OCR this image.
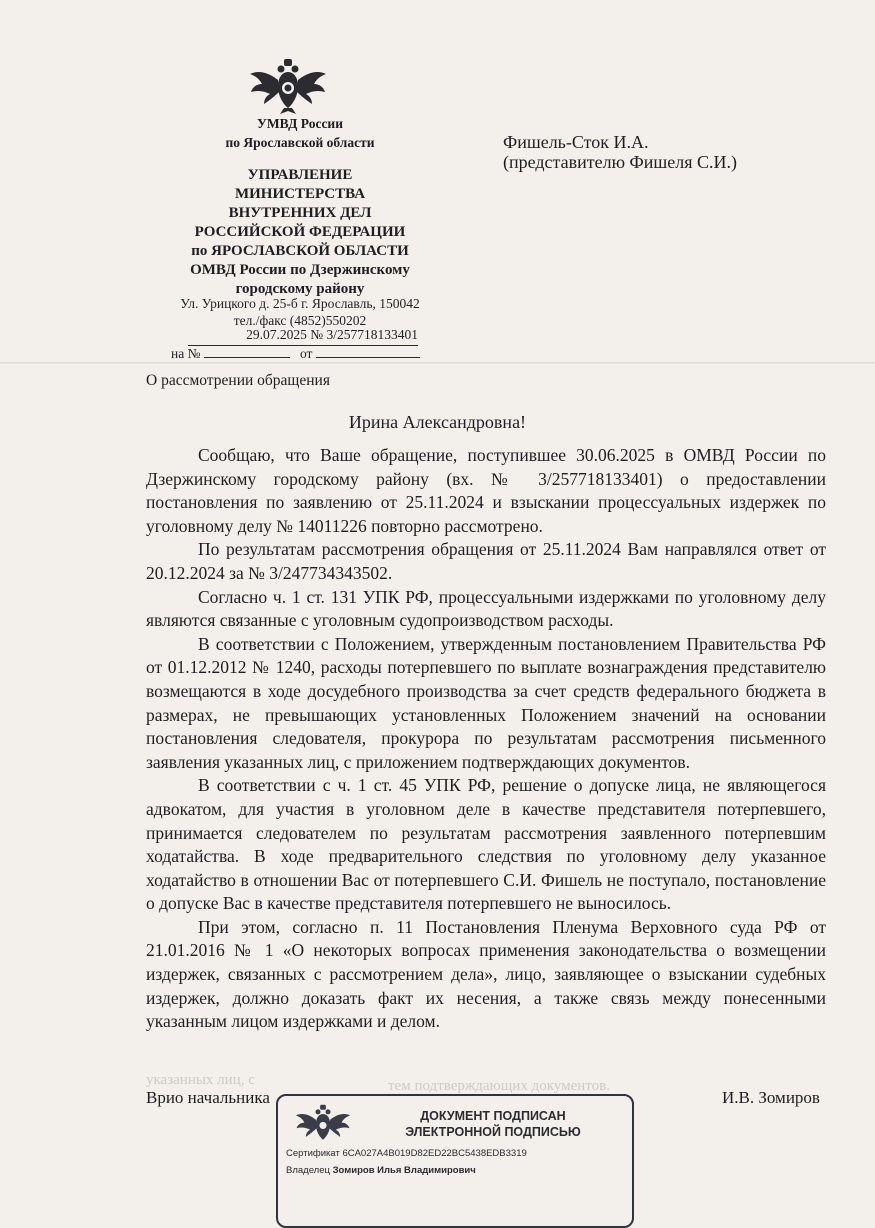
тем подтверждающих документов.
указанных лиц, с
УМВД России
по Ярославской области
УПРАВЛЕНИЕ
МИНИСТЕРСТВА
ВНУТРЕННИХ ДЕЛ
РОССИЙСКОЙ ФЕДЕРАЦИИ
по ЯРОСЛАВСКОЙ ОБЛАСТИ
ОМВД России по Дзержинскому
городскому району
Ул. Урицкого д. 25-б г. Ярославль, 150042
тел./факс (4852)550202
29.07.2025 № 3/257718133401
на №	от
Фишель-Сток И.А.
(представителю Фишеля С.И.)
О рассмотрении обращения
Ирина Александровна!

Сообщаю, что Ваше обращение, поступившее 30.06.2025 в ОМВД России по Дзержинскому городскому району (вх. № 3/257718133401) о предоставлении постановления по заявлению от 25.11.2024 и взыскании процессуальных издержек по уголовному делу № 14011226 повторно рассмотрено.

По результатам рассмотрения обращения от 25.11.2024 Вам направлялся ответ от 20.12.2024 за № 3/247734343502.

Согласно ч. 1 ст. 131 УПК РФ, процессуальными издержками по уголовному делу являются связанные с уголовным судопроизводством расходы.

В соответствии с Положением, утвержденным постановлением Правительства РФ от 01.12.2012 № 1240, расходы потерпевшего по выплате вознаграждения представителю возмещаются в ходе досудебного производства за счет средств федерального бюджета в размерах, не превышающих установленных Положением значений на основании постановления следователя, прокурора по результатам рассмотрения письменного заявления указанных лиц, с приложением подтверждающих документов.

В соответствии с ч. 1 ст. 45 УПК РФ, решение о допуске лица, не являющегося адвокатом, для участия в уголовном деле в качестве представителя потерпевшего, принимается следователем по результатам рассмотрения заявленного потерпевшим ходатайства. В ходе предварительного следствия по уголовному делу указанное ходатайство в отношении Вас от потерпевшего С.И. Фишель не поступало, постановление о допуске Вас в качестве представителя потерпевшего не выносилось.

При этом, согласно п. 11 Постановления Пленума Верховного суда РФ от 21.01.2016 № 1 «О некоторых вопросах применения законодательства о возмещении издержек, связанных с рассмотрением дела», лицо, заявляющее о взыскании судебных издержек, должно доказать факт их несения, а также связь между понесенными указанным лицом издержками и делом.

Врио начальника	И.В. Зомиров
ДОКУМЕНТ ПОДПИСАН
ЭЛЕКТРОННОЙ ПОДПИСЬЮ
Сертификат 6CA027A4B019D82ED22BC5438EDB3319
Владелец Зомиров Илья Владимирович
